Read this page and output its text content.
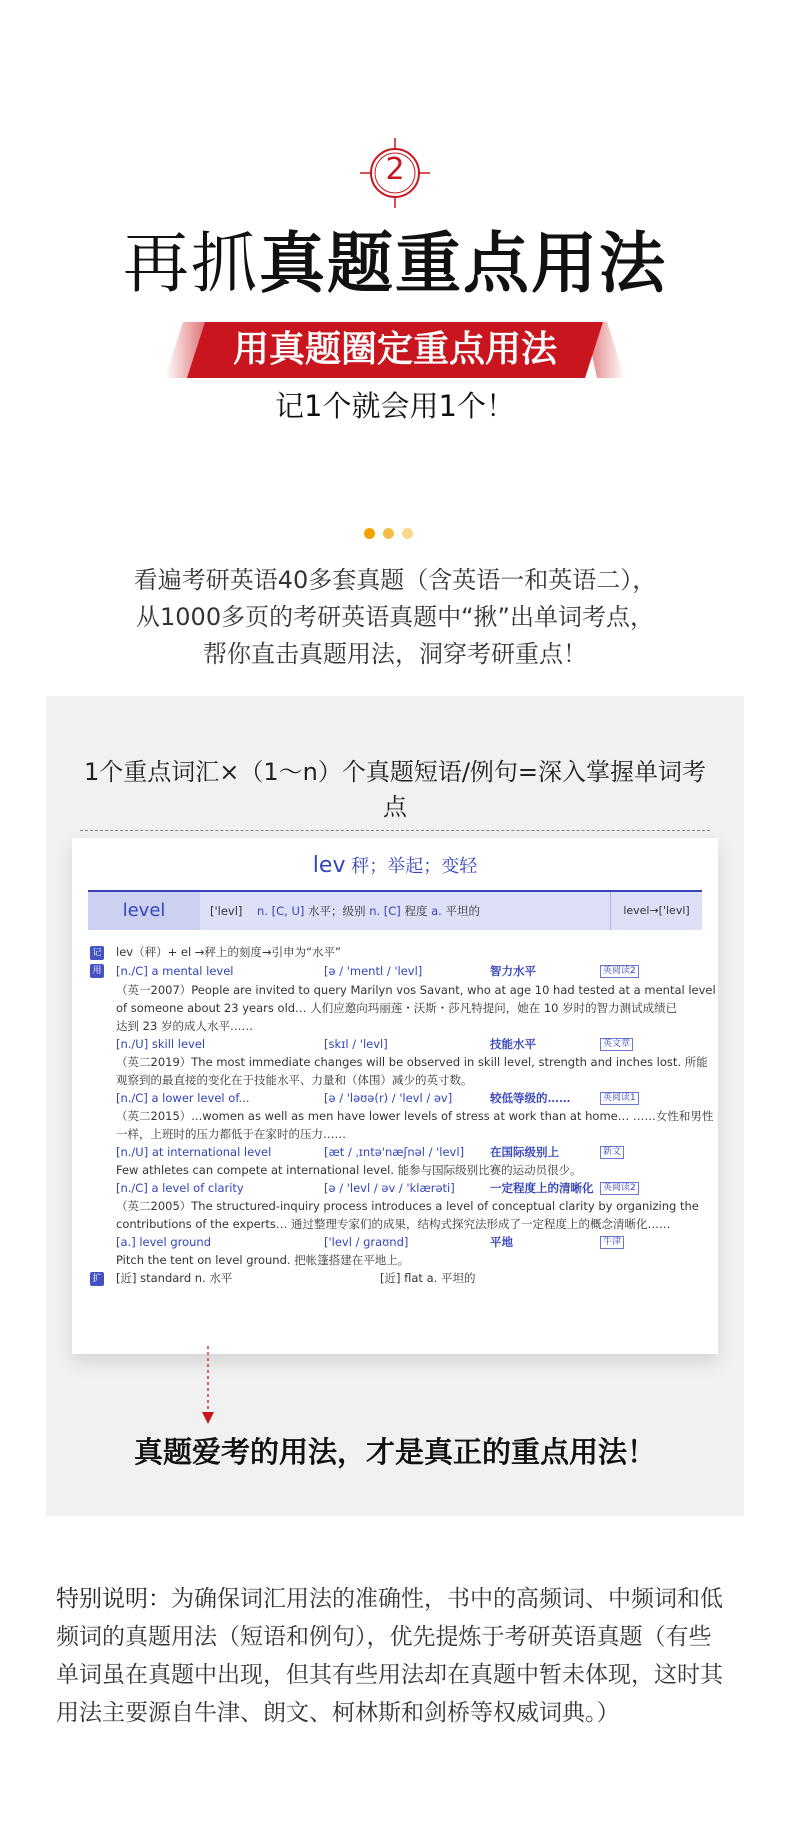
2
再抓真题重点用法
用真题圈定重点用法
记1个就会用1个！
看遍考研英语40多套真题（含英语一和英语二），
从1000多页的考研英语真题中“揪”出单词考点，
帮你直击真题用法，洞穿考研重点！
1个重点词汇×（1～n）个真题短语/例句=深入掌握单词考点
lev 秤；举起；变轻
level	['levl] n. [C, U] 水平；级别 n. [C] 程度 a. 平坦的	level→['levl]
记 lev（秤）+ el →秤上的刻度→引申为“水平”
用 [n./C] a mental level	[ə / 'mentl / 'levl]	智力水平	英阅读2
（英一2007）People are invited to query Marilyn vos Savant, who at age 10 had tested at a mental level
of someone about 23 years old… 人们应邀向玛丽莲・沃斯・莎凡特提问，她在 10 岁时的智力测试成绩已
达到 23 岁的成人水平……
[n./U] skill level	[skɪl / 'levl]	技能水平	英文章
（英二2019）The most immediate changes will be observed in skill level, strength and inches lost. 所能
观察到的最直接的变化在于技能水平、力量和（体围）减少的英寸数。
[n./C] a lower level of...	[ə / 'ləʊə(r) / 'levl / əv]	较低等级的……	英阅读1
（英二2015）...women as well as men have lower levels of stress at work than at home… ……女性和男性
一样，上班时的压力都低于在家时的压力……
[n./U] at international level	[æt / ˌɪntə'næʃnəl / 'levl] 在国际级别上	新文
Few athletes can compete at international level. 能参与国际级别比赛的运动员很少。
[n./C] a level of clarity	[ə / 'levl / əv / 'klærəti]	一定程度上的清晰化	英阅读2
（英二2005）The structured-inquiry process introduces a level of conceptual clarity by organizing the
contributions of the experts… 通过整理专家们的成果，结构式探究法形成了一定程度上的概念清晰化……
[a.] level ground	['levl / ɡraʊnd]	平地	牛津
Pitch the tent on level ground. 把帐篷搭建在平地上。
扩 [近] standard n. 水平	[近] flat a. 平坦的
真题爱考的用法，才是真正的重点用法！
特别说明：为确保词汇用法的准确性，书中的高频词、中频词和低
频词的真题用法（短语和例句），优先提炼于考研英语真题（有些
单词虽在真题中出现，但其有些用法却在真题中暂未体现，这时其
用法主要源自牛津、朗文、柯林斯和剑桥等权威词典。）
